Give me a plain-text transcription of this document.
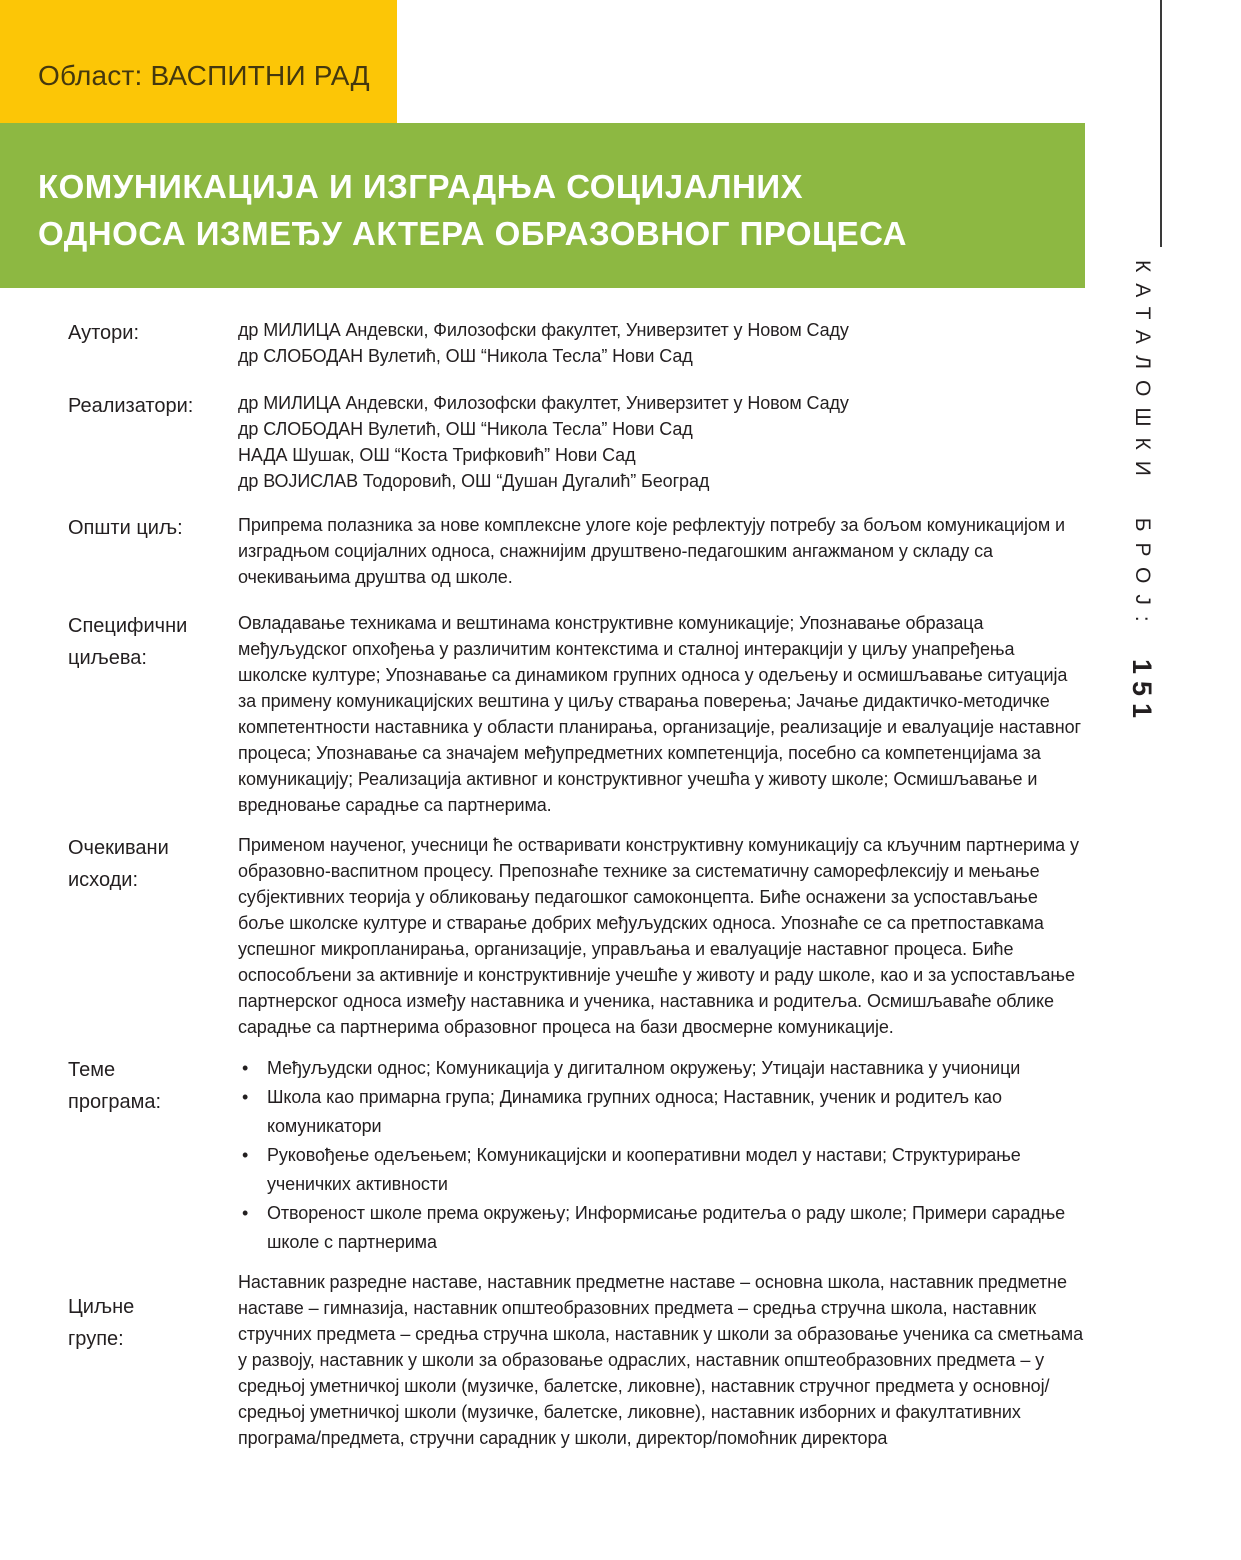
Област: ВАСПИТНИ РАД
КОМУНИКАЦИЈА И ИЗГРАДЊА СОЦИЈАЛНИХ
ОДНОСА ИЗМЕЂУ АКТЕРА ОБРАЗОВНОГ ПРОЦЕСА
КАТАЛОШКИ БРОЈ:151
Аутори:	др МИЛИЦА Андевски, Филозофски факултет, Универзитет у Новом Саду
др СЛОБОДАН Вулетић, ОШ “Никола Тесла” Нови Сад
Реализатори:	др МИЛИЦА Андевски, Филозофски факултет, Универзитет у Новом Саду
др СЛОБОДАН Вулетић, ОШ “Никола Тесла” Нови Сад
НАДА Шушак, ОШ “Коста Трифковић” Нови Сад
др ВОЈИСЛАВ Тодоровић, ОШ “Душан Дугалић” Београд
Општи циљ:	Припрема полазника за нове комплексне улоге које рефлектују потребу за бољом комуникацијом и изградњом социјалних односа, снажнијим друштвено-педагошким ангажманом у складу са очекивањима друштва од школе.

Специфични
циљева:

Овладавање техникама и вештинама конструктивне комуникације; Упознавање образаца међуљудског опхођења у различитим контекстима и сталној интеракцији у циљу унапређења школске културе; Упознавање са динамиком групних односа у одељењу и осмишљавање ситуација за примену комуникацијских вештина у циљу стварања поверења; Јачање дидактичко-методичке компетентности наставника у области планирања, организације, реализације и евалуације наставног процеса; Упознавање са значајем међупредметних компетенција, посебно са компетенцијама за комуникацију; Реализација активног и конструктивног учешћа у животу школе; Осмишљавање и вредновање сарадње са партнерима.

Очекивани
исходи:

Применом наученог, учесници ће остваривати конструктивну комуникацију са кључним партнерима у образовно-васпитном процесу. Препознаће технике за систематичну саморефлексију и мењање субјективних теорија у обликовању педагошког самоконцепта. Биће оснажени за успостављање боље школске културе и стварање добрих међуљудских односа. Упознаће се са претпоставкама успешног микропланирања, организације, управљања и евалуације наставног процеса. Биће оспособљени за активније и конструктивније учешће у животу и раду школе, као и за успостављање партнерског односа између наставника и ученика, наставника и родитеља. Осмишљаваће облике сарадње са партнерима образовног процеса на бази двосмерне комуникације.

Теме
програма:
• Међуљудски однос; Комуникација у дигиталном окружењу; Утицаји наставника у учионици
• Школа као примарна група; Динамика групних односа; Наставник, ученик и родитељ као комуникатори
• Руковођење одељењем; Комуникацијски и кооперативни модел у настави; Структурирање ученичких активности
• Отвореност школе према окружењу; Информисање родитеља о раду школе; Примери сарадње школе с партнерима
Циљне
групе:

Наставник разредне наставе, наставник предметне наставе – основна школа, наставник предметне наставе – гимназија, наставник општеобразовних предмета – средња стручна школа, наставник стручних предмета – средња стручна школа, наставник у школи за образовање ученика са сметњама у развоју, наставник у школи за образовање одраслих, наставник општеобразовних предмета – у средњој уметничкој школи (музичке, балетске, ликовне), наставник стручног предмета у основној/средњој уметничкој школи (музичке, балетске, ликовне), наставник изборних и факултативних програма/предмета, стручни сарадник у школи, директор/помоћник директора
